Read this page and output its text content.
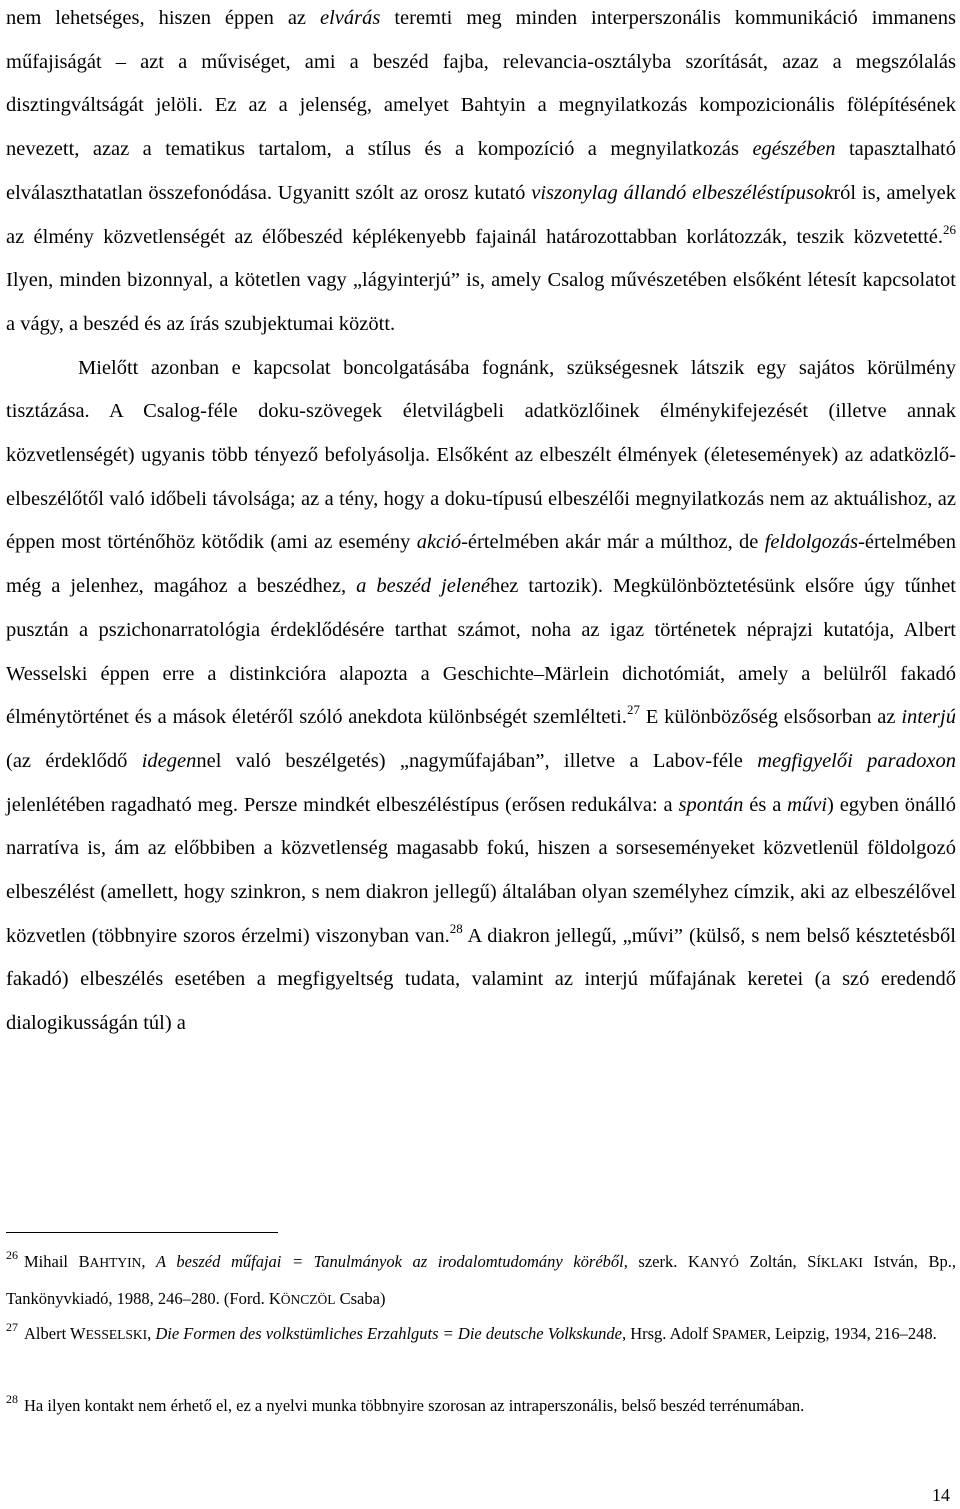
nem lehetséges, hiszen éppen az elvárás teremti meg minden interperszonális kommunikáció immanens műfajiságát – azt a műviséget, ami a beszéd fajba, relevancia-osztályba szorítását, azaz a megszólalás disztingváltságát jelöli. Ez az a jelenség, amelyet Bahtyin a megnyilatkozás kompozicionális fölépítésének nevezett, azaz a tematikus tartalom, a stílus és a kompozíció a megnyilatkozás egészében tapasztalható elválaszthatatlan összefonódása. Ugyanitt szólt az orosz kutató viszonylag állandó elbeszéléstípusokról is, amelyek az élmény közvetlenségét az élőbeszéd képlékenyebb fajainál határozottabban korlátozzák, teszik közvetetté.$^{26}$ Ilyen, minden bizonnyal, a kötetlen vagy „lágyinterjú” is, amely Csalog művészetében elsőként létesít kapcsolatot a vágy, a beszéd és az írás szubjektumai között.

Mielőtt azonban e kapcsolat boncolgatásába fognánk, szükségesnek látszik egy sajátos körülmény tisztázása. A Csalog-féle doku-szövegek életvilágbeli adatközlőinek élménykifejezését (illetve annak közvetlenségét) ugyanis több tényező befolyásolja. Elsőként az elbeszélt élmények (életesemények) az adatközlő-elbeszélőtől való időbeli távolsága; az a tény, hogy a doku-típusú elbeszélői megnyilatkozás nem az aktuálishoz, az éppen most történőhöz kötődik (ami az esemény akció-értelmében akár már a múlthoz, de feldolgozás-értelmében még a jelenhez, magához a beszédhez, a beszéd jelenéhez tartozik). Megkülönböztetésünk elsőre úgy tűnhet pusztán a pszichonarratológia érdeklődésére tarthat számot, noha az igaz történetek néprajzi kutatója, Albert Wesselski éppen erre a distinkcióra alapozta a Geschichte–Märlein dichotómiát, amely a belülről fakadó élménytörténet és a mások életéről szóló anekdota különbségét szemlélteti.$^{27}$ E különbözőség elsősorban az interjú (az érdeklődő idegennel való beszélgetés) „nagyműfajában”, illetve a Labov-féle megfigyelői paradoxon jelenlétében ragadható meg. Persze mindkét elbeszéléstípus (erősen redukálva: a spontán és a művi) egyben önálló narratíva is, ám az előbbiben a közvetlenség magasabb fokú, hiszen a sorseseményeket közvetlenül földolgozó elbeszélést (amellett, hogy szinkron, s nem diakron jellegű) általában olyan személyhez címzik, aki az elbeszélővel közvetlen (többnyire szoros érzelmi) viszonyban van.$^{28}$ A diakron jellegű, „művi” (külső, s nem belső késztetésből fakadó) elbeszélés esetében a megfigyeltség tudata, valamint az interjú műfajának keretei (a szó eredendő dialogikusságán túl) a

$^{26}$ Mihail BAHTYIN, A beszéd műfajai = Tanulmányok az irodalomtudomány köréből, szerk. KANYÓ Zoltán, SÍKLAKI István, Bp., Tankönyvkiadó, 1988, 246–280. (Ford. KÖNCZÖL Csaba)

$^{27}$ Albert WESSELSKI, Die Formen des volkstümliches Erzahlguts = Die deutsche Volkskunde, Hrsg. Adolf SPAMER, Leipzig, 1934, 216–248.

$^{28}$ Ha ilyen kontakt nem érhető el, ez a nyelvi munka többnyire szorosan az intraperszonális, belső beszéd terrénumában.

14
